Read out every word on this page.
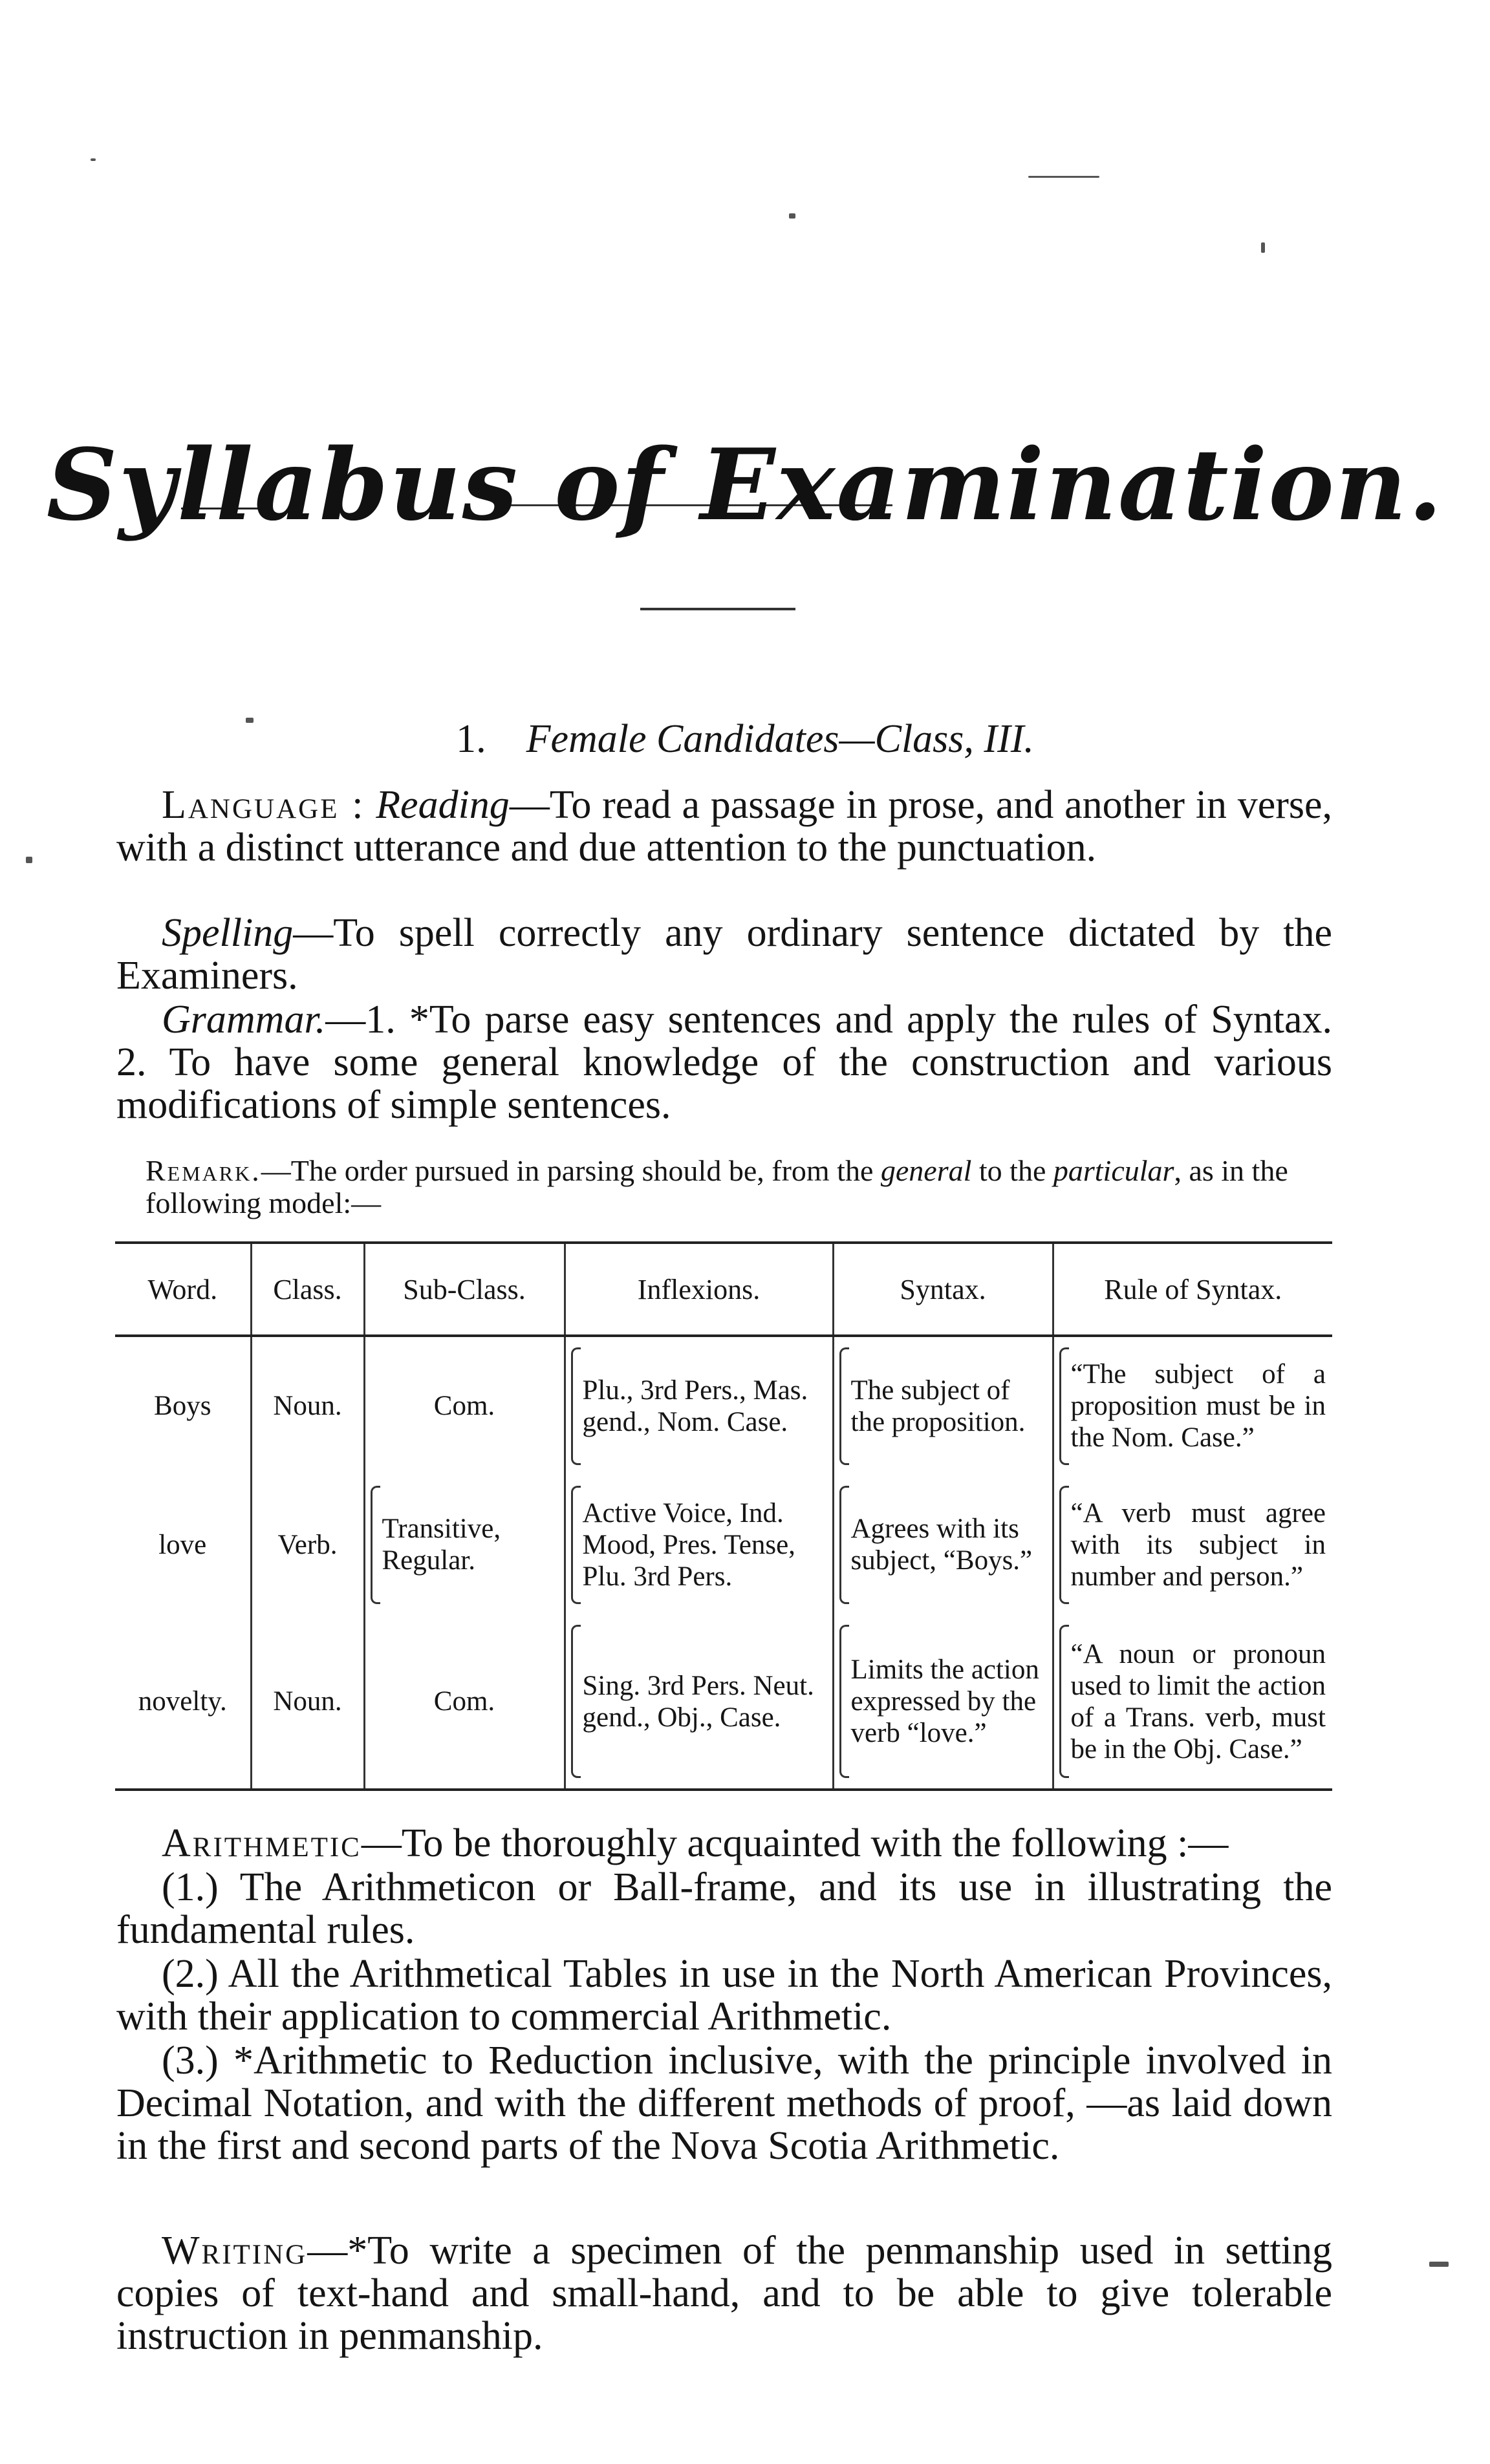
Syllabus of Examination.
1. Female Candidates—Class, III.
Language : Reading—To read a passage in prose, and another in verse, with a distinct utterance and due attention to the punctuation.
Spelling—To spell correctly any ordinary sentence dictated by the Examiners.
Grammar.—1. *To parse easy sentences and apply the rules of Syntax. 2. To have some general knowledge of the construction and various modifications of simple sentences.
Remark.—The order pursued in parsing should be, from the general to the particular, as in the following model:—
Word.	Class.	Sub-Class.	Inflexions.	Syntax.	Rule of Syntax.
Boys	Noun.	Com.	Plu., 3rd Pers., Mas. gend., Nom. Case.	The subject of the proposition.	“The subject of a proposition must be in the Nom. Case.”
love	Verb.	Transitive, Regular.	Active Voice, Ind. Mood, Pres. Tense, Plu. 3rd Pers.	Agrees with its subject, “Boys.”	“A verb must agree with its subject in number and person.”
novelty.	Noun.	Com.	Sing. 3rd Pers. Neut. gend., Obj., Case.	Limits the action expressed by the verb “love.”	“A noun or pronoun used to limit the action of a Trans. verb, must be in the Obj. Case.”
Arithmetic—To be thoroughly acquainted with the following :—
(1.) The Arithmeticon or Ball-frame, and its use in illustrating the fundamental rules.
(2.) All the Arithmetical Tables in use in the North American Provinces, with their application to commercial Arithmetic.
(3.) *Arithmetic to Reduction inclusive, with the principle involved in Decimal Notation, and with the different methods of proof, —as laid down in the first and second parts of the Nova Scotia Arithmetic.
Writing—*To write a specimen of the penmanship used in setting copies of text-hand and small-hand, and to be able to give tolerable instruction in penmanship.
